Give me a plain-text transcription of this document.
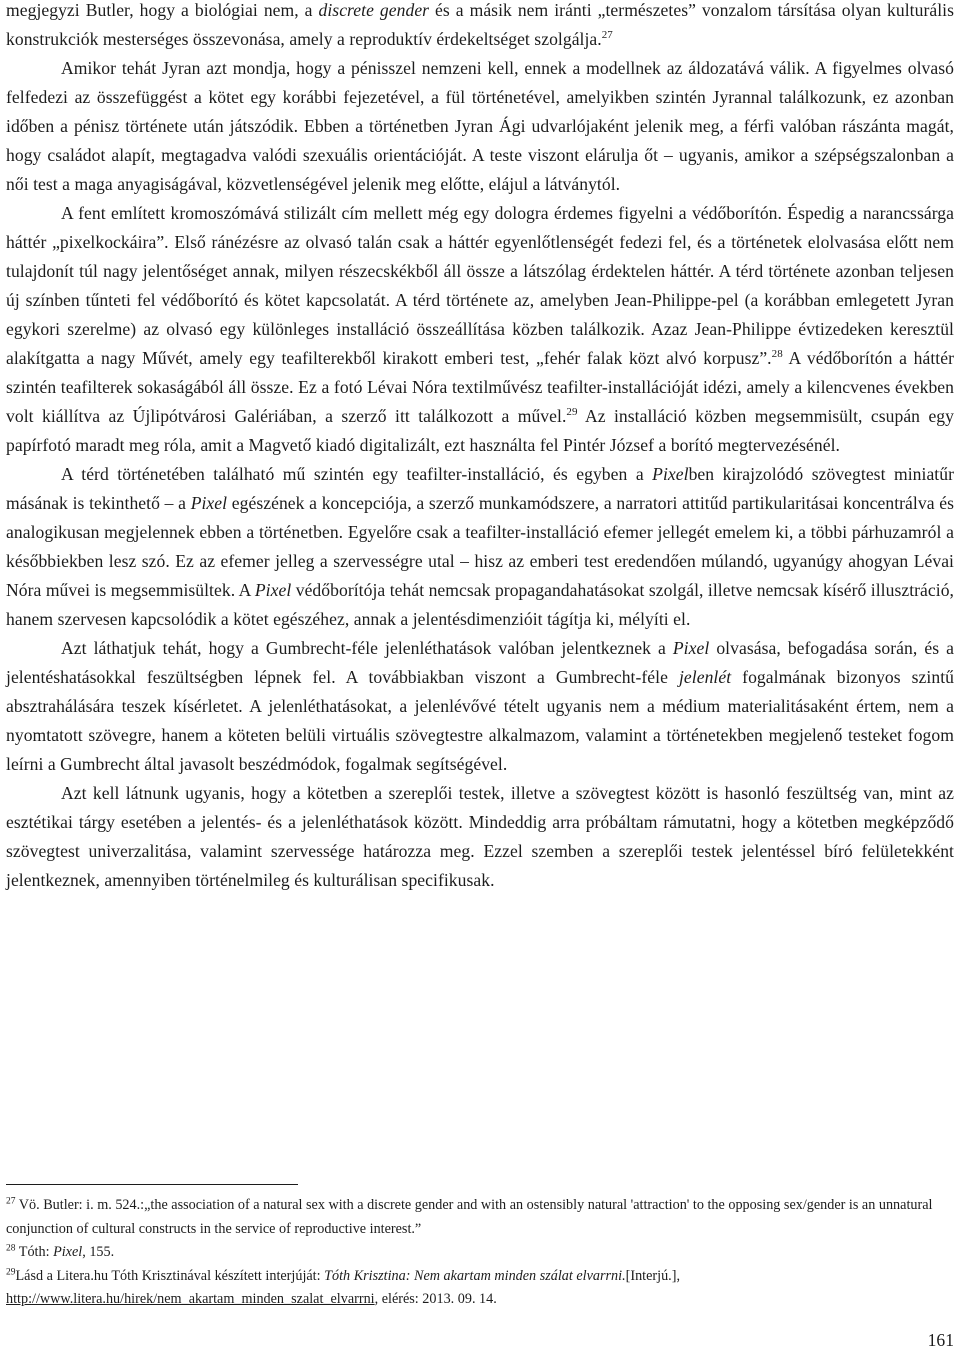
megjegyzi Butler, hogy a biológiai nem, a discrete gender és a másik nem iránti „természetes” vonzalom társítása olyan kulturális konstrukciók mesterséges összevonása, amely a reproduktív érdekeltséget szolgálja.$^{27}$

Amikor tehát Jyran azt mondja, hogy a pénisszel nemzeni kell, ennek a modellnek az áldozatává válik. A figyelmes olvasó felfedezi az összefüggést a kötet egy korábbi fejezetével, a fül történetével, amelyikben szintén Jyrannal találkozunk, ez azonban időben a pénisz története után játszódik. Ebben a történetben Jyran Ági udvarlójaként jelenik meg, a férfi valóban rászánta magát, hogy családot alapít, megtagadva valódi szexuális orientációját. A teste viszont elárulja őt – ugyanis, amikor a szépségszalonban a női test a maga anyagiságával, közvetlenségével jelenik meg előtte, elájul a látványtól.

A fent említett kromoszómává stilizált cím mellett még egy dologra érdemes figyelni a védőborítón. Éspedig a narancssárga háttér „pixelkockáira”. Első ránézésre az olvasó talán csak a háttér egyenlőtlenségét fedezi fel, és a történetek elolvasása előtt nem tulajdonít túl nagy jelentőséget annak, milyen részecskékből áll össze a látszólag érdektelen háttér. A térd története azonban teljesen új színben tűnteti fel védőborító és kötet kapcsolatát. A térd története az, amelyben Jean-Philippe-pel (a korábban emlegetett Jyran egykori szerelme) az olvasó egy különleges installáció összeállítása közben találkozik. Azaz Jean-Philippe évtizedeken keresztül alakítgatta a nagy Művét, amely egy teafilterekből kirakott emberi test, „fehér falak közt alvó korpusz”.$^{28}$ A védőborítón a háttér szintén teafilterek sokaságából áll össze. Ez a fotó Lévai Nóra textilművész teafilter-installációját idézi, amely a kilencvenes években volt kiállítva az Újlipótvárosi Galériában, a szerző itt találkozott a művel.$^{29}$ Az installáció közben megsemmisült, csupán egy papírfotó maradt meg róla, amit a Magvető kiadó digitalizált, ezt használta fel Pintér József a borító megtervezésénél.

A térd történetében található mű szintén egy teafilter-installáció, és egyben a Pixelben kirajzolódó szövegtest miniatűr másának is tekinthető – a Pixel egészének a koncepciója, a szerző munkamódszere, a narratori attitűd partikularitásai koncentrálva és analogikusan megjelennek ebben a történetben. Egyelőre csak a teafilter-installáció efemer jellegét emelem ki, a többi párhuzamról a későbbiekben lesz szó. Ez az efemer jelleg a szervességre utal – hisz az emberi test eredendően múlandó, ugyanúgy ahogyan Lévai Nóra művei is megsemmisültek. A Pixel védőborítója tehát nemcsak propagandahatásokat szolgál, illetve nemcsak kísérő illusztráció, hanem szervesen kapcsolódik a kötet egészéhez, annak a jelentésdimenzióit tágítja ki, mélyíti el.

Azt láthatjuk tehát, hogy a Gumbrecht-féle jelenléthatások valóban jelentkeznek a Pixel olvasása, befogadása során, és a jelentéshatásokkal feszültségben lépnek fel. A továbbiakban viszont a Gumbrecht-féle jelenlét fogalmának bizonyos szintű absztrahálására teszek kísérletet. A jelenléthatásokat, a jelenlévővé tételt ugyanis nem a médium materialitásaként értem, nem a nyomtatott szövegre, hanem a köteten belüli virtuális szövegtestre alkalmazom, valamint a történetekben megjelenő testeket fogom leírni a Gumbrecht által javasolt beszédmódok, fogalmak segítségével.

Azt kell látnunk ugyanis, hogy a kötetben a szereplői testek, illetve a szövegtest között is hasonló feszültség van, mint az esztétikai tárgy esetében a jelentés- és a jelenléthatások között. Mindeddig arra próbáltam rámutatni, hogy a kötetben megképződő szövegtest univerzalitása, valamint szervessége határozza meg. Ezzel szemben a szereplői testek jelentéssel bíró felületekként jelentkeznek, amennyiben történelmileg és kulturálisan specifikusak.

$^{27}$ Vö. Butler: i. m. 524.:„the association of a natural sex with a discrete gender and with an ostensibly natural 'attraction' to the opposing sex/gender is an unnatural conjunction of cultural constructs in the service of reproductive interest.”

$^{28}$ Tóth: Pixel, 155.

$^{29}$Lásd a Litera.hu Tóth Krisztinával készített interjúját: Tóth Krisztina: Nem akartam minden szálat elvarrni.[Interjú.], http://www.litera.hu/hirek/nem_akartam_minden_szalat_elvarrni, elérés: 2013. 09. 14.

161
